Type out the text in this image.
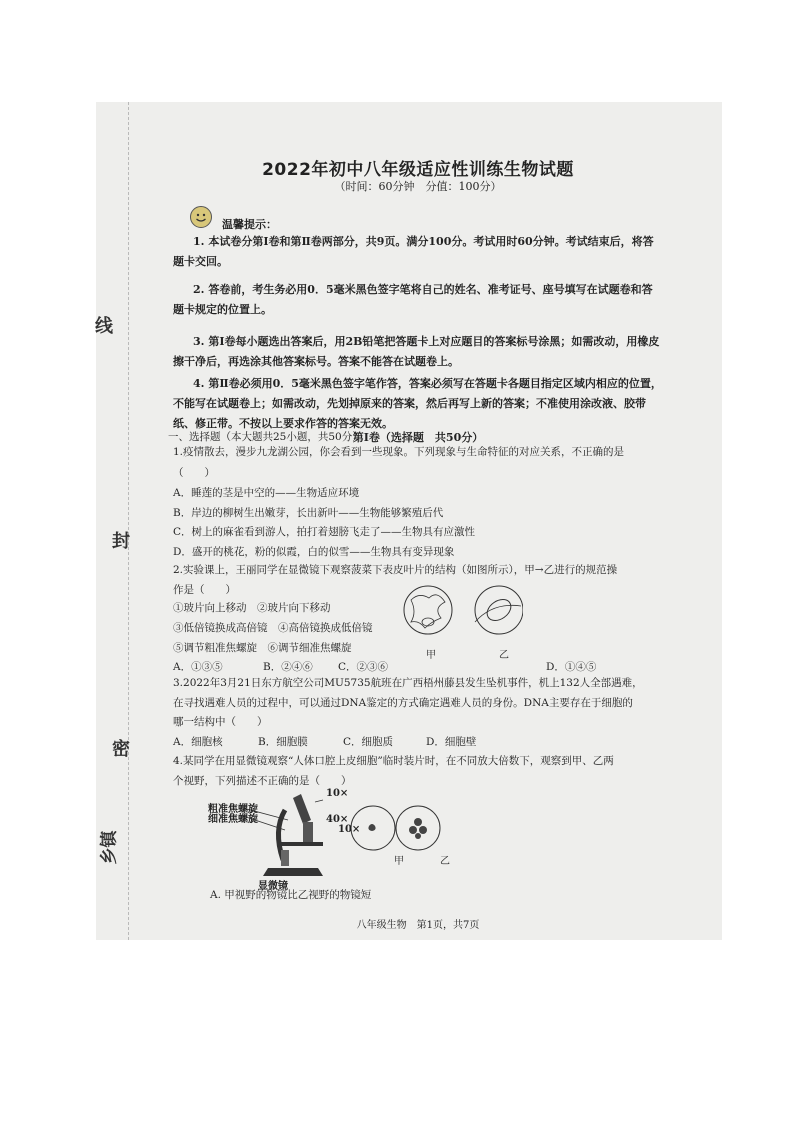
线
封
密
乡镇
2022年初中八年级适应性训练生物试题
（时间：60分钟　分值：100分）
温馨提示：

1. 本试卷分第Ⅰ卷和第Ⅱ卷两部分，共9页。满分100分。考试用时60分钟。考试结束后，将答题卡交回。

2. 答卷前，考生务必用0．5毫米黑色签字笔将自己的姓名、准考证号、座号填写在试题卷和答题卡规定的位置上。

3. 第Ⅰ卷每小题选出答案后，用2B铅笔把答题卡上对应题目的答案标号涂黑；如需改动，用橡皮擦干净后，再选涂其他答案标号。答案不能答在试题卷上。

4. 第Ⅱ卷必须用0．5毫米黑色签字笔作答，答案必须写在答题卡各题目指定区域内相应的位置，不能写在试题卷上；如需改动，先划掉原来的答案，然后再写上新的答案；不准使用涂改液、胶带纸、修正带。不按以上要求作答的答案无效。

第Ⅰ卷（选择题　共50分）
一、选择题（本大题共25小题，共50分）
1.疫情散去，漫步九龙湖公园，你会看到一些现象。下列现象与生命特征的对应关系，不正确的是
（　　）
A．睡莲的茎是中空的——生物适应环境
B．岸边的柳树生出嫩芽，长出新叶——生物能够繁殖后代
C．树上的麻雀看到游人，拍打着翅膀飞走了——生物具有应激性
D．盛开的桃花，粉的似霞，白的似雪——生物具有变异现象
2.实验课上，王丽同学在显微镜下观察菠菜下表皮叶片的结构（如图所示），甲→乙进行的规范操
作是（　　）
①玻片向上移动　②玻片向下移动
③低倍镜换成高倍镜　④高倍镜换成低倍镜
⑤调节粗准焦螺旋　⑥调节细准焦螺旋
A．①③⑤	B．②④⑥ C．②③⑥	D．①④⑤
甲	乙
3.2022年3月21日东方航空公司MU5735航班在广西梧州藤县发生坠机事件，机上132人全部遇难，
在寻找遇难人员的过程中，可以通过DNA鉴定的方式确定遇难人员的身份。DNA主要存在于细胞的
哪一结构中（　　）
A．细胞核	B．细胞膜	C．细胞质	D．细胞壁
4.某同学在用显微镜观察“人体口腔上皮细胞”临时装片时，在不同放大倍数下，观察到甲、乙两
个视野，下列描述不正确的是（　　）
粗准焦螺旋
细准焦螺旋
10×
40×
10×
甲	乙
显微镜
A. 甲视野的物镜比乙视野的物镜短
八年级生物　第1页，共7页
